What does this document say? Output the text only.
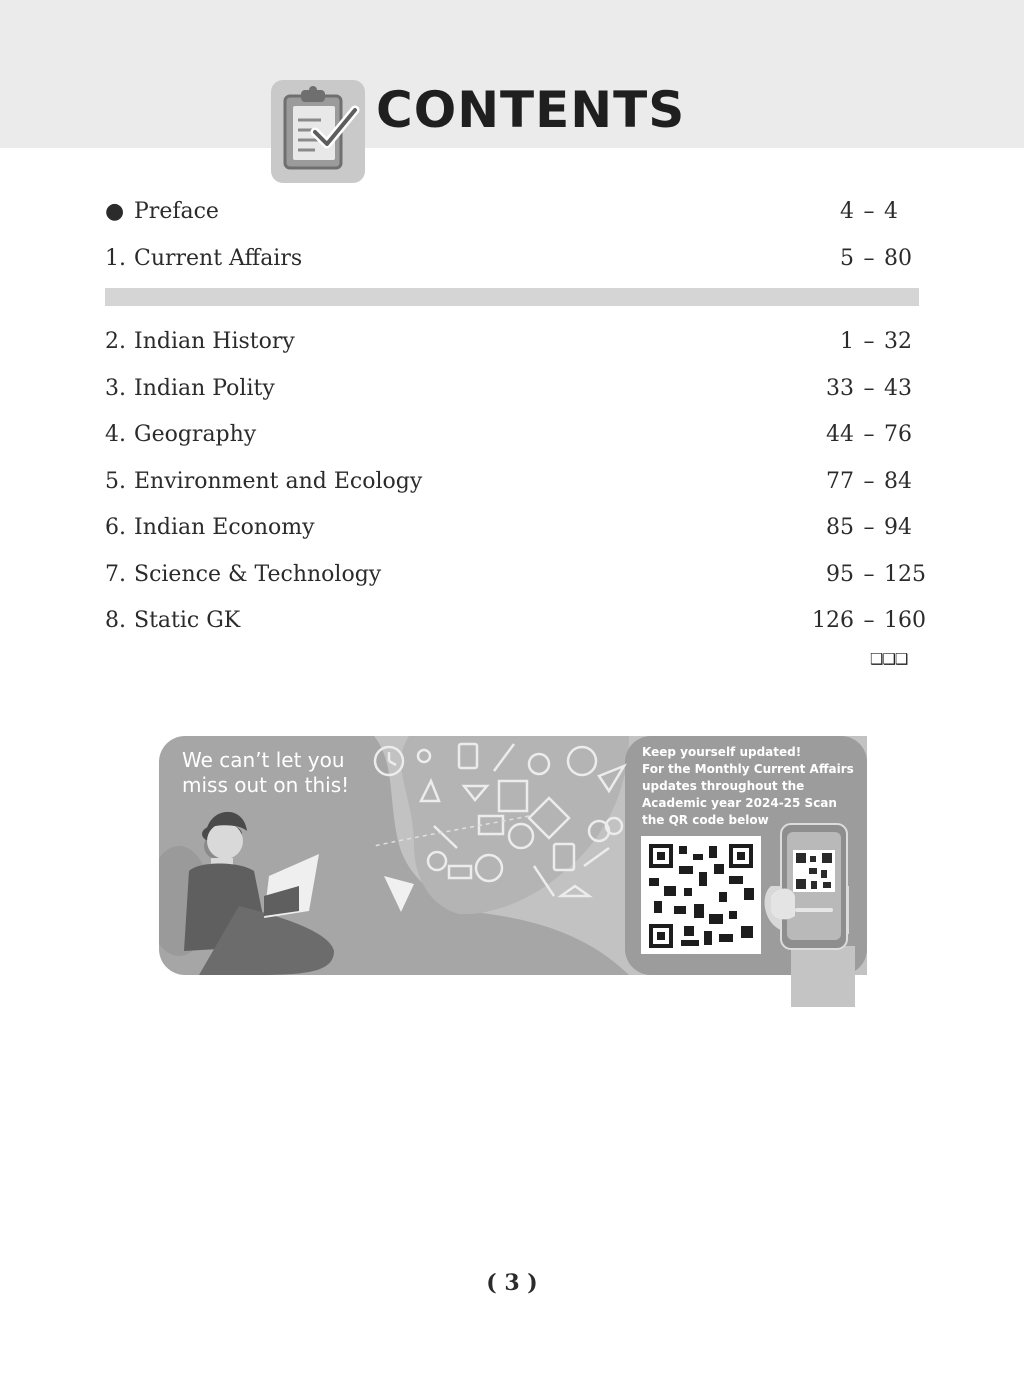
CONTENTS
● Preface	4 – 4
1. Current Affairs	5 – 80
2. Indian History	1 – 32
3. Indian Polity	33 – 43
4. Geography	44 – 76
5. Environment and Ecology	77 – 84
6. Indian Economy	85 – 94
7. Science & Technology	95 – 125
8. Static GK	126 – 160
❑❑❑
We can’t let you
miss out on this!
Keep yourself updated!
For the Monthly Current Affairs updates throughout the Academic year 2024-25 Scan the QR code below
( 3 )
